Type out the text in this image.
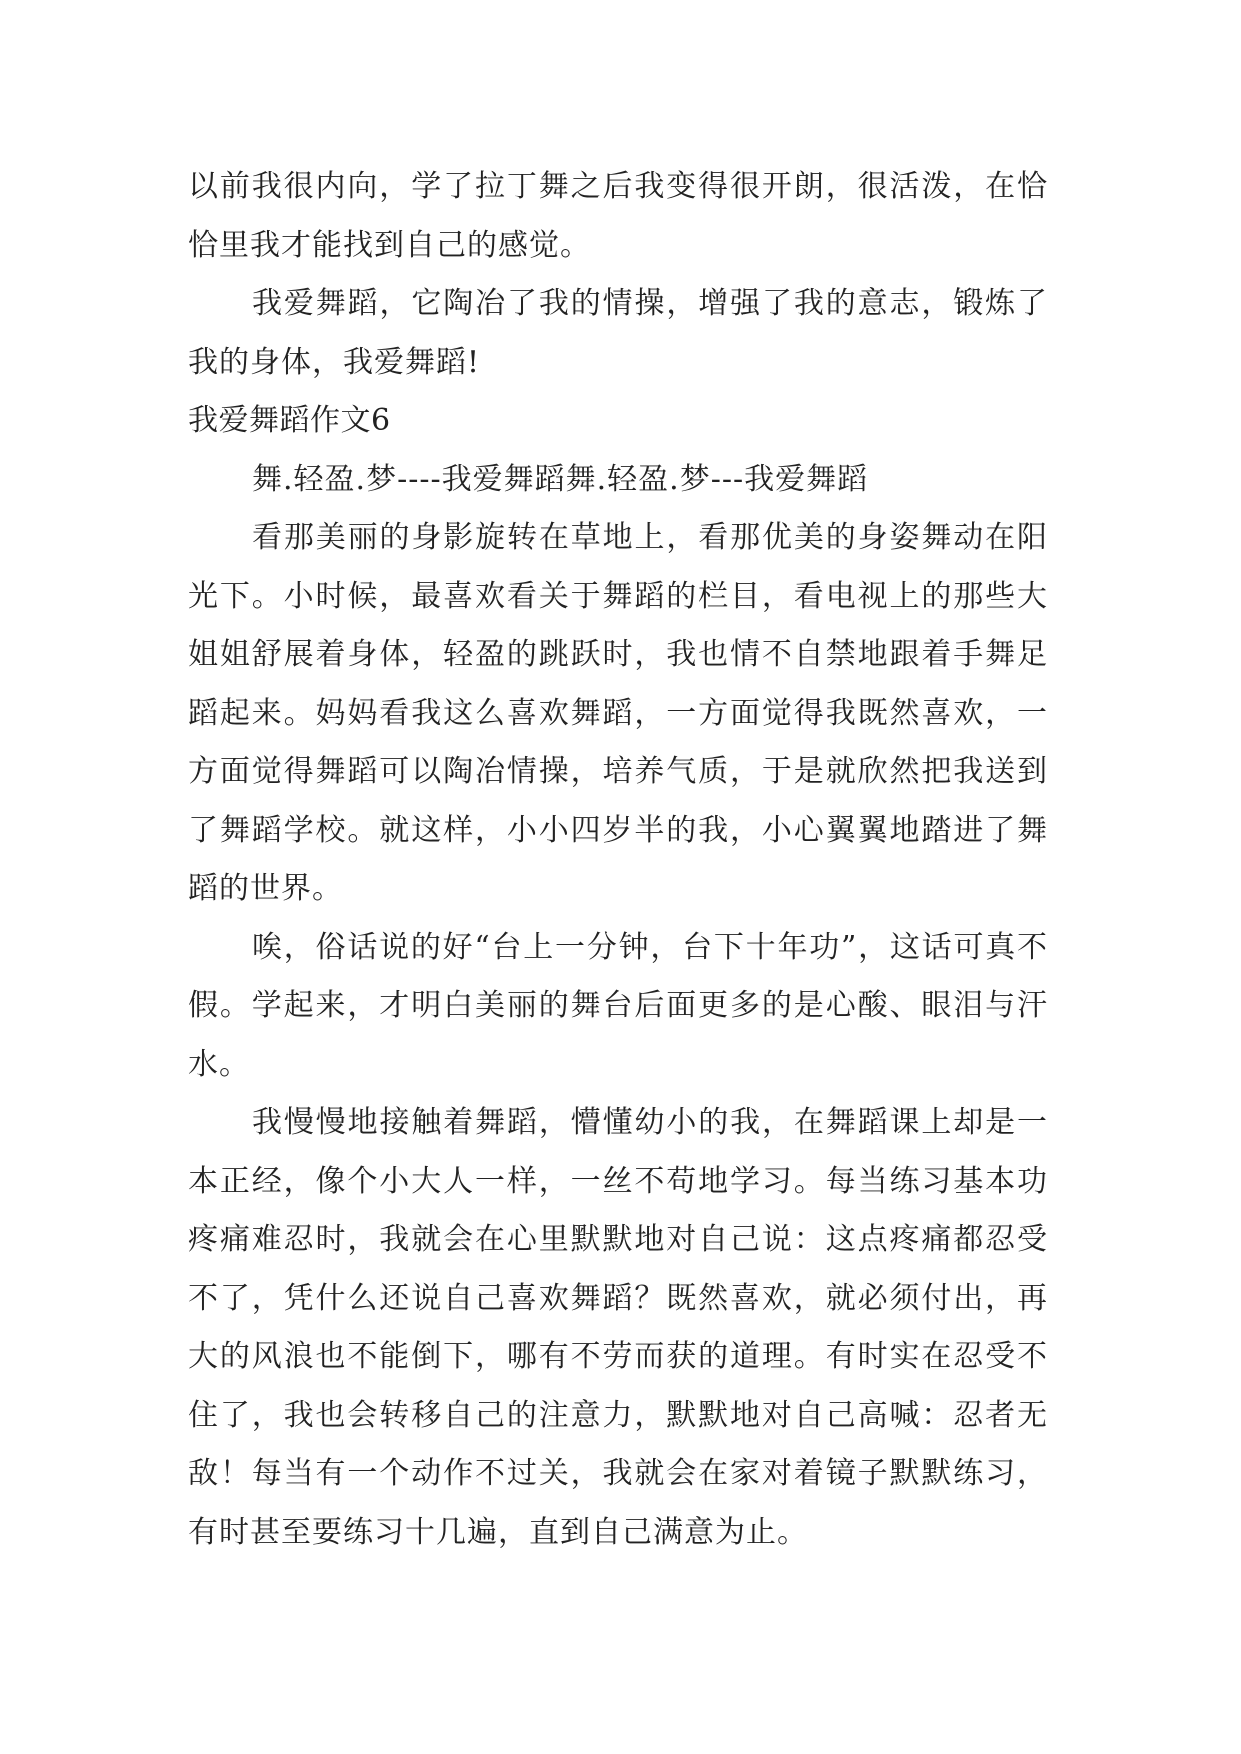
以前我很内向，学了拉丁舞之后我变得很开朗，很活泼，在恰恰里我才能找到自己的感觉。

我爱舞蹈，它陶冶了我的情操，增强了我的意志，锻炼了我的身体，我爱舞蹈!

我爱舞蹈作文6

舞.轻盈.梦----我爱舞蹈舞.轻盈.梦---我爱舞蹈

看那美丽的身影旋转在草地上，看那优美的身姿舞动在阳光下。小时候，最喜欢看关于舞蹈的栏目，看电视上的那些大姐姐舒展着身体，轻盈的跳跃时，我也情不自禁地跟着手舞足蹈起来。妈妈看我这么喜欢舞蹈，一方面觉得我既然喜欢，一方面觉得舞蹈可以陶冶情操，培养气质，于是就欣然把我送到了舞蹈学校。就这样，小小四岁半的我，小心翼翼地踏进了舞蹈的世界。

唉，俗话说的好“台上一分钟，台下十年功”，这话可真不假。学起来，才明白美丽的舞台后面更多的是心酸、眼泪与汗水。

我慢慢地接触着舞蹈，懵懂幼小的我，在舞蹈课上却是一本正经，像个小大人一样，一丝不苟地学习。每当练习基本功疼痛难忍时，我就会在心里默默地对自己说：这点疼痛都忍受不了，凭什么还说自己喜欢舞蹈？既然喜欢，就必须付出，再大的风浪也不能倒下，哪有不劳而获的道理。有时实在忍受不住了，我也会转移自己的注意力，默默地对自己高喊：忍者无敌！每当有一个动作不过关，我就会在家对着镜子默默练习，有时甚至要练习十几遍，直到自己满意为止。
